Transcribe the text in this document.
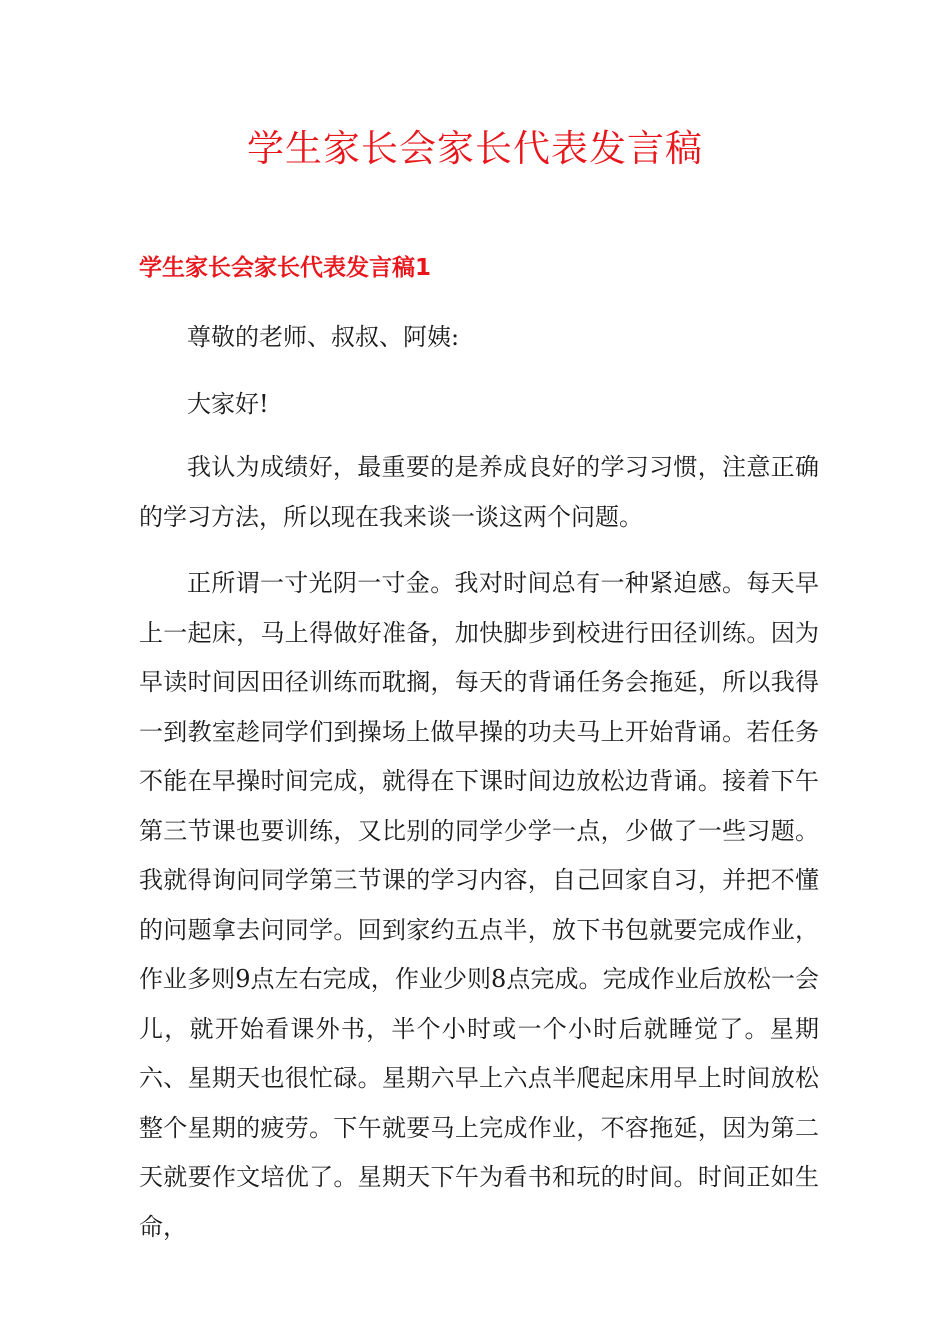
学生家长会家长代表发言稿
学生家长会家长代表发言稿1

尊敬的老师、叔叔、阿姨:

大家好!

我认为成绩好，最重要的是养成良好的学习习惯，注意正确的学习方法，所以现在我来谈一谈这两个问题。

正所谓一寸光阴一寸金。我对时间总有一种紧迫感。每天早上一起床，马上得做好准备，加快脚步到校进行田径训练。因为早读时间因田径训练而耽搁，每天的背诵任务会拖延，所以我得一到教室趁同学们到操场上做早操的功夫马上开始背诵。若任务不能在早操时间完成，就得在下课时间边放松边背诵。接着下午第三节课也要训练，又比别的同学少学一点，少做了一些习题。我就得询问同学第三节课的学习内容，自己回家自习，并把不懂的问题拿去问同学。回到家约五点半，放下书包就要完成作业，作业多则9点左右完成，作业少则8点完成。完成作业后放松一会儿，就开始看课外书，半个小时或一个小时后就睡觉了。星期六、星期天也很忙碌。星期六早上六点半爬起床用早上时间放松整个星期的疲劳。下午就要马上完成作业，不容拖延，因为第二天就要作文培优了。星期天下午为看书和玩的时间。时间正如生命，
